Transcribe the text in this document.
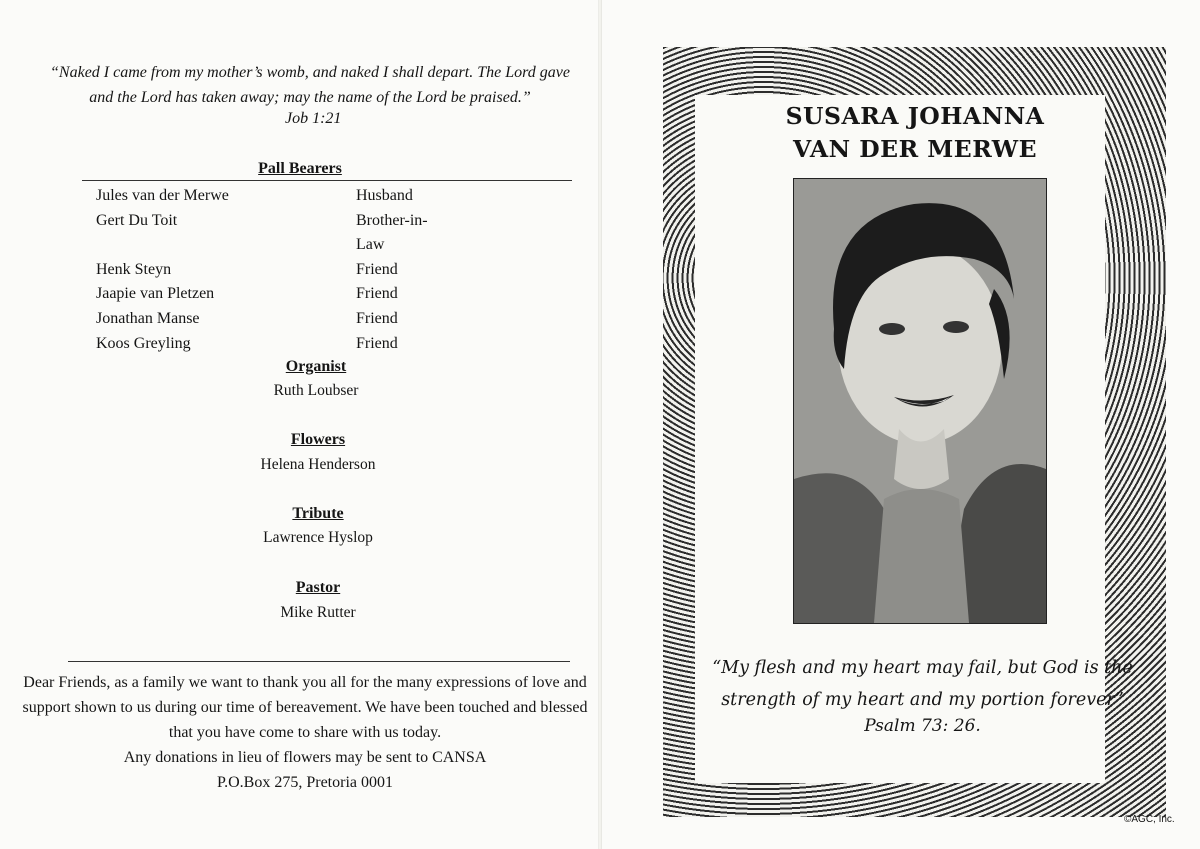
“Naked I came from my mother’s womb, and naked I shall depart. The Lord gave and the Lord has taken away; may the name of the Lord be praised.”
Job 1:21
Pall Bearers
Jules van der Merwe	Husband
Gert Du Toit	Brother-in-Law
Henk Steyn	Friend
Jaapie van Pletzen	Friend
Jonathan Manse	Friend
Koos Greyling	Friend
Organist
Ruth Loubser
Flowers
Helena Henderson
Tribute
Lawrence Hyslop
Pastor
Mike Rutter
Dear Friends, as a family we want to thank you all for the many expressions of love and support shown to us during our time of bereavement. We have been touched and blessed that you have come to share with us today.
Any donations in lieu of flowers may be sent to CANSA
P.O.Box 275, Pretoria 0001
SUSARA JOHANNA
VAN DER MERWE
“My flesh and my heart may fail, but God is the strength of my heart and my portion forever”
Psalm 73: 26.
©AGC, Inc.
